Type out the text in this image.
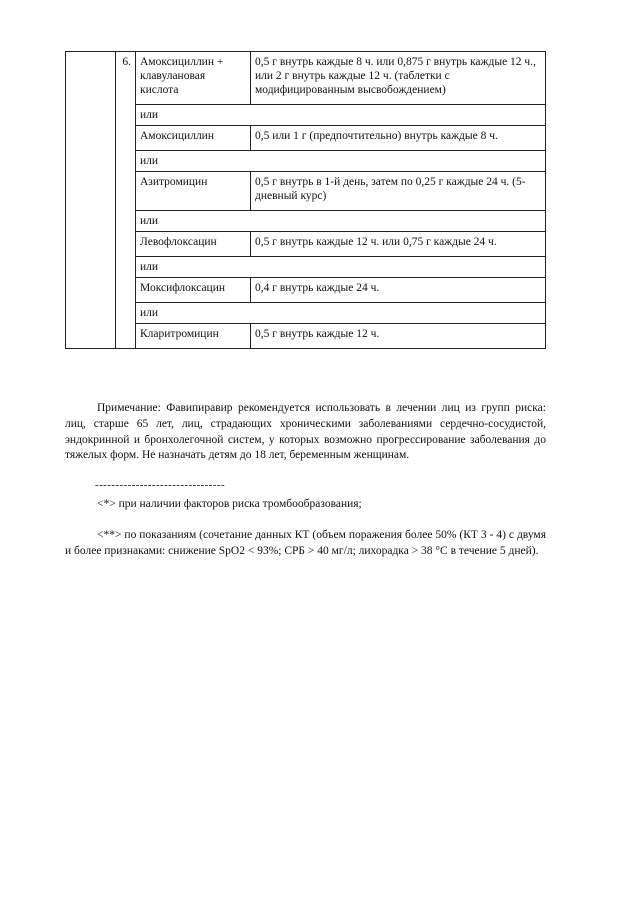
	6.	Амоксициллин + клавулановая кислота	0,5 г внутрь каждые 8 ч. или 0,875 г внутрь каждые 12 ч., или 2 г внутрь каждые 12 ч. (таблетки с модифицированным высвобождением)
		или	
		Амоксициллин	0,5 или 1 г (предпочтительно) внутрь каждые 8 ч.
		или	
		Азитромицин	0,5 г внутрь в 1-й день, затем по 0,25 г каждые 24 ч. (5-дневный курс)
		или	
		Левофлоксацин	0,5 г внутрь каждые 12 ч. или 0,75 г каждые 24 ч.
		или	
		Моксифлоксацин	0,4 г внутрь каждые 24 ч.
		или	
		Кларитромицин	0,5 г внутрь каждые 12 ч.
Примечание: Фавипиравир рекомендуется использовать в лечении лиц из групп риска: лиц, старше 65 лет, лиц, страдающих хроническими заболеваниями сердечно-сосудистой, эндокринной и бронхолегочной систем, у которых возможно прогрессирование заболевания до тяжелых форм. Не назначать детям до 18 лет, беременным женщинам.
--------------------------------
<*> при наличии факторов риска тромбообразования;
<**> по показаниям (сочетание данных КТ (объем поражения более 50% (КТ 3 - 4) с двумя и более признаками: снижение SpO2 < 93%; СРБ > 40 мг/л; лихорадка > 38 °С в течение 5 дней).
